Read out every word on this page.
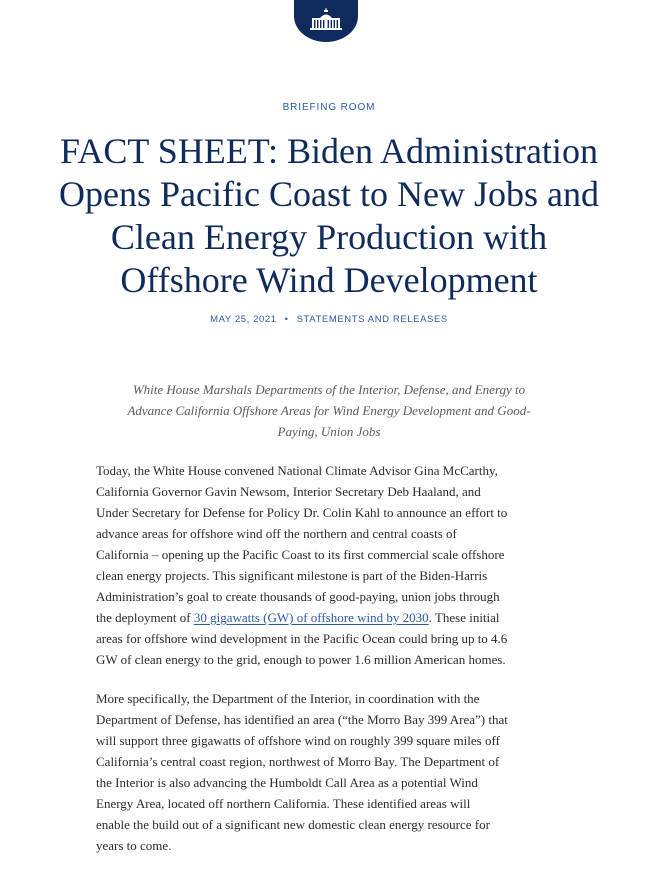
BRIEFING ROOM
FACT SHEET: Biden Administration
Opens Pacific Coast to New Jobs and
Clean Energy Production with
Offshore Wind Development
MAY 25, 2021 • STATEMENTS AND RELEASES
White House Marshals Departments of the Interior, Defense, and Energy to
Advance California Offshore Areas for Wind Energy Development and Good-
Paying, Union Jobs
Today, the White House convened National Climate Advisor Gina McCarthy,
California Governor Gavin Newsom, Interior Secretary Deb Haaland, and
Under Secretary for Defense for Policy Dr. Colin Kahl to announce an effort to
advance areas for offshore wind off the northern and central coasts of
California – opening up the Pacific Coast to its first commercial scale offshore
clean energy projects. This significant milestone is part of the Biden-Harris
Administration’s goal to create thousands of good-paying, union jobs through
the deployment of 30 gigawatts (GW) of offshore wind by 2030. These initial
areas for offshore wind development in the Pacific Ocean could bring up to 4.6
GW of clean energy to the grid, enough to power 1.6 million American homes.
More specifically, the Department of the Interior, in coordination with the
Department of Defense, has identified an area (“the Morro Bay 399 Area”) that
will support three gigawatts of offshore wind on roughly 399 square miles off
California’s central coast region, northwest of Morro Bay. The Department of
the Interior is also advancing the Humboldt Call Area as a potential Wind
Energy Area, located off northern California. These identified areas will
enable the build out of a significant new domestic clean energy resource for
years to come.
